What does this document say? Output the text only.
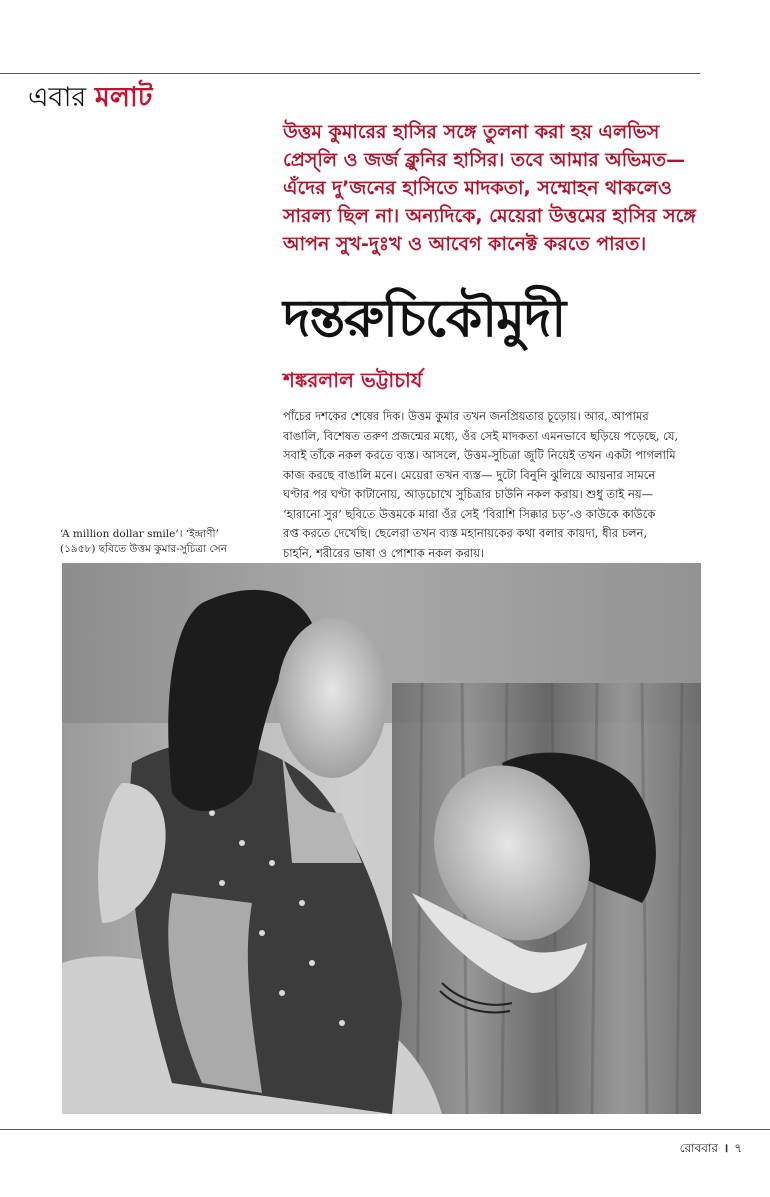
এবার মলাট

উত্তম কুমারের হাসির সঙ্গে তুলনা করা হয় এলভিস

প্রেস্‌লি ও জর্জ ক্লুনির হাসির। তবে আমার অভিমত—

এঁদের দু’জনের হাসিতে মাদকতা, সম্মোহন থাকলেও

সারল্য ছিল না। অন্যদিকে, মেয়েরা উত্তমের হাসির সঙ্গে

আপন সুখ-দুঃখ ও আবেগ কানেক্ট করতে পারত।

দন্তরুচিকৌমুদী
শঙ্করলাল ভট্টাচার্য

পাঁচের দশকের শেষের দিক। উত্তম কুমার তখন জনপ্রিয়তার চূড়োয়। আর, আপামর

বাঙালি, বিশেষত তরুণ প্রজন্মের মধ্যে, ওঁর সেই মাদকতা এমনভাবে ছড়িয়ে পড়েছে, যে,

সবাই তাঁকে নকল করতে ব্যস্ত। আসলে, উত্তম-সুচিত্রা জুটি নিয়েই তখন একটা পাগলামি

কাজ করছে বাঙালি মনে। মেয়েরা তখন ব্যস্ত— দুটো বিনুনি ঝুলিয়ে আয়নার সামনে

ঘণ্টার পর ঘণ্টা কাটানোয়, আড়চোখে সুচিত্রার চাউনি নকল করায়। শুধু তাই নয়—

‘হারানো সুর’ ছবিতে উত্তমকে মারা ওঁর সেই ‘বিরাশি সিক্কার চড়’-ও কাউকে কাউকে

রপ্ত করতে দেখেছি। ছেলেরা তখন ব্যস্ত মহানায়কের কথা বলার কায়দা, ধীর চলন,

চাহনি, শরীরের ভাষা ও পোশাক নকল করায়।

‘A million dollar smile’। ‘ইন্দ্রাণী’

(১৯৫৮) ছবিতে উত্তম কুমার-সুচিত্রা সেন

রোববার । ৭
